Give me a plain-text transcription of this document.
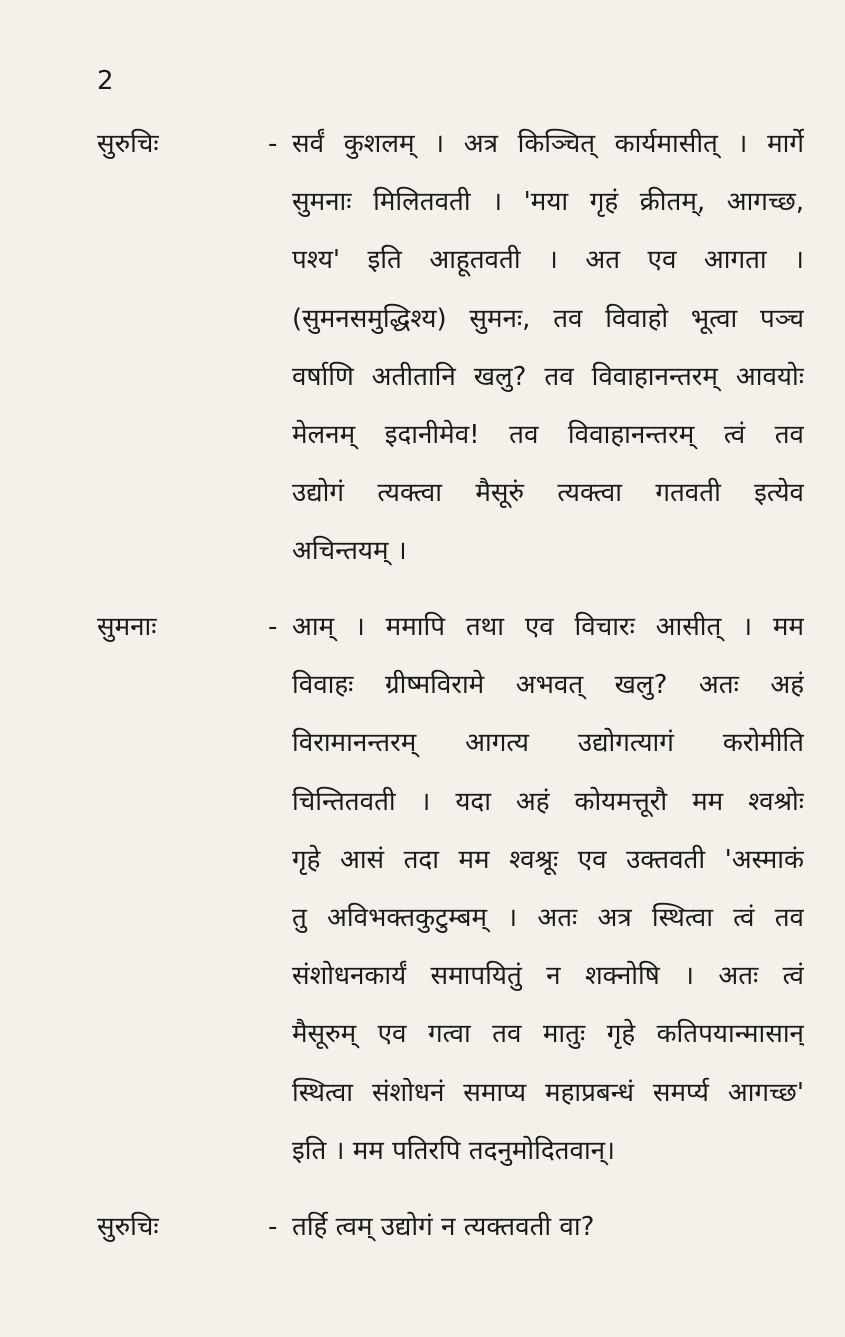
2
सुरुचिः	- सर्वं कुशलम् । अत्र किञ्चित् कार्यमासीत् । मार्गे
सुमनाः मिलितवती । 'मया गृहं क्रीतम्, आगच्छ,
पश्य' इति आहूतवती । अत एव आगता ।
(सुमनसमुद्धिश्य) सुमनः, तव विवाहो भूत्वा पञ्च
वर्षाणि अतीतानि खलु? तव विवाहानन्तरम् आवयोः
मेलनम् इदानीमेव! तव विवाहानन्तरम् त्वं तव
उद्योगं त्यक्त्वा मैसूरुं त्यक्त्वा गतवती इत्येव
अचिन्तयम् ।
सुमनाः	- आम् । ममापि तथा एव विचारः आसीत् । मम
विवाहः ग्रीष्मविरामे अभवत् खलु? अतः अहं
विरामानन्तरम् आगत्य उद्योगत्यागं करोमीति
चिन्तितवती । यदा अहं कोयमत्तूरौ मम श्वश्रोः
गृहे आसं तदा मम श्वश्रूः एव उक्तवती 'अस्माकं
तु अविभक्तकुटुम्बम् । अतः अत्र स्थित्वा त्वं तव
संशोधनकार्यं समापयितुं न शक्नोषि । अतः त्वं
मैसूरुम् एव गत्वा तव मातुः गृहे कतिपयान्मासान्
स्थित्वा संशोधनं समाप्य महाप्रबन्धं समर्प्य आगच्छ'
इति । मम पतिरपि तदनुमोदितवान्।
सुरुचिः	- तर्हि त्वम् उद्योगं न त्यक्तवती वा?
